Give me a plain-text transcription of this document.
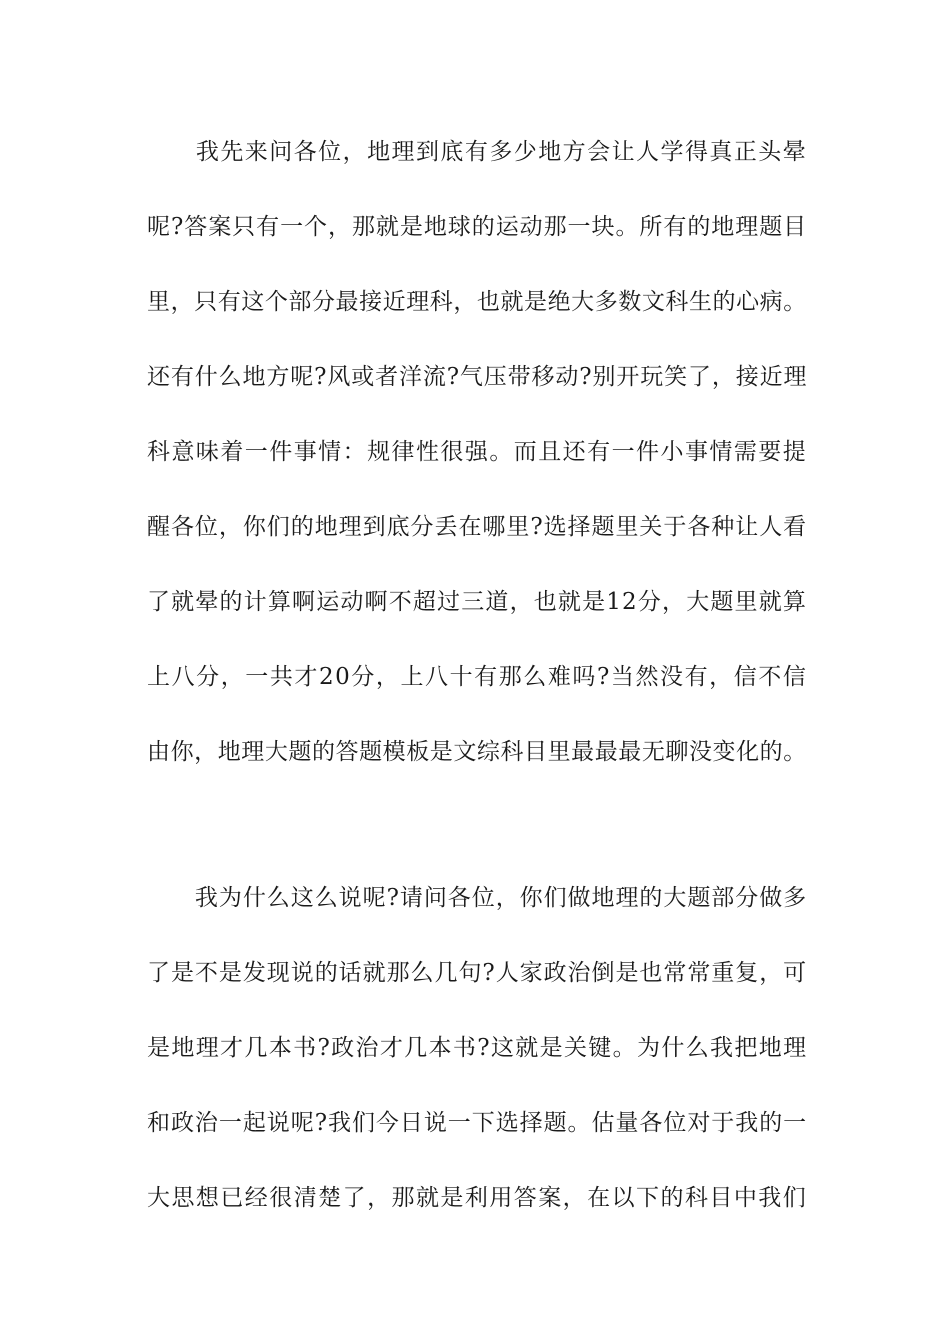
　　我先来问各位，地理到底有多少地方会让人学得真正头晕
呢?答案只有一个，那就是地球的运动那一块。所有的地理题目
里，只有这个部分最接近理科，也就是绝大多数文科生的心病。
还有什么地方呢?风或者洋流?气压带移动?别开玩笑了，接近理
科意味着一件事情：规律性很强。而且还有一件小事情需要提
醒各位，你们的地理到底分丢在哪里?选择题里关于各种让人看
了就晕的计算啊运动啊不超过三道，也就是12分，大题里就算
上八分，一共才20分，上八十有那么难吗?当然没有，信不信
由你，地理大题的答题模板是文综科目里最最最无聊没变化的。
　　我为什么这么说呢?请问各位，你们做地理的大题部分做多
了是不是发现说的话就那么几句?人家政治倒是也常常重复，可
是地理才几本书?政治才几本书?这就是关键。为什么我把地理
和政治一起说呢?我们今日说一下选择题。估量各位对于我的一
大思想已经很清楚了，那就是利用答案，在以下的科目中我们
